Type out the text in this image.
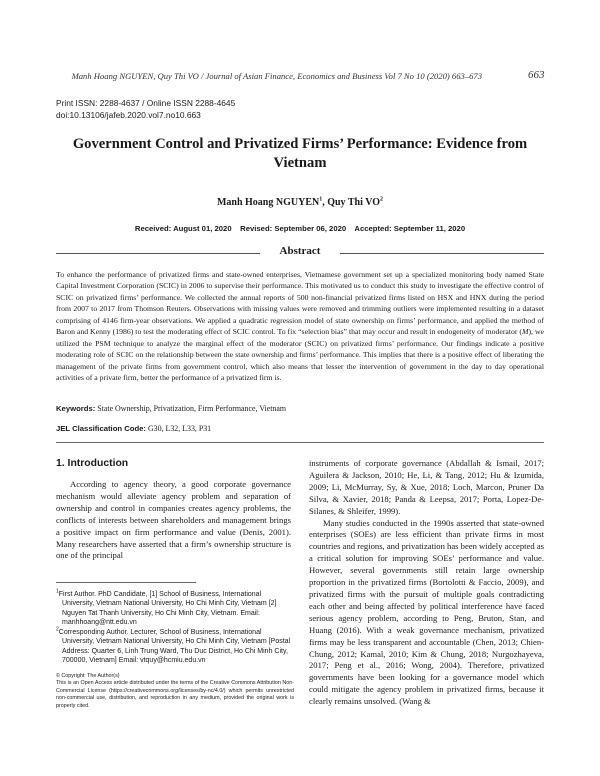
Manh Hoang NGUYEN, Quy Thi VO / Journal of Asian Finance, Economics and Business Vol 7 No 10 (2020) 663–673	663
Print ISSN: 2288-4637 / Online ISSN 2288-4645
doi:10.13106/jafeb.2020.vol7.no10.663
Government Control and Privatized Firms’ Performance: Evidence from Vietnam
Manh Hoang NGUYEN$^1$, Quy Thi $VO^2$
Received: August 01, 2020 Revised: September 06, 2020 Accepted: September 11, 2020
Abstract
To enhance the performance of privatized firms and state-owned enterprises, Vietnamese government set up a specialized monitoring body named State Capital Investment Corporation (SCIC) in 2006 to supervise their performance. This motivated us to conduct this study to investigate the effective control of SCIC on privatized firms’ performance. We collected the annual reports of 500 non-financial privatized firms listed on HSX and HNX during the period from 2007 to 2017 from Thomson Reuters. Observations with missing values were removed and trimming outliers were implemented resulting in a dataset comprising of 4146 firm-year observations. We applied a quadratic regression model of state ownership on firms’ performance, and applied the method of Baron and Kenny (1986) to test the moderating effect of SCIC control. To fix “selection bias” that may occur and result in endogeneity of moderator (M), we utilized the PSM technique to analyze the marginal effect of the moderator (SCIC) on privatized firms’ performance. Our findings indicate a positive moderating role of SCIC on the relationship between the state ownership and firms’ performance. This implies that there is a positive effect of liberating the management of the private firms from government control, which also means that lesser the intervention of government in the day to day operational activities of a private firm, better the performance of a privatized firm is.
Keywords: State Ownership, Privatization, Firm Performance, Vietnam
JEL Classification Code: G30, L32, L33, P31
1. Introduction
According to agency theory, a good corporate governance mechanism would alleviate agency problem and separation of ownership and control in companies creates agency problems, the conflicts of interests between shareholders and management brings a positive impact on firm performance and value (Denis, 2001). Many researchers have asserted that a firm’s ownership structure is one of the principal
$^1$First Author. PhD Candidate, [1] School of Business, International University, Vietnam National University, Ho Chi Minh City, Vietnam [2] Nguyen Tat Thanh University, Ho Chi Minh City, Vietnam. Email: manhhoang@ntt.edu.vn
$^2$Corresponding Author. Lecturer, School of Business, International University, Vietnam National University, Ho Chi Minh City, Vietnam [Postal Address: Quarter 6, Linh Trung Ward, Thu Duc District, Ho Chi Minh City, 700000, Vietnam] Email: vtquy@hcmiu.edu.vn
© Copyright: The Author(s)
This is an Open Access article distributed under the terms of the Creative Commons Attribution Non-Commercial License (https://creativecommons.org/licenses/by-nc/4.0/) which permits unrestricted non-commercial use, distribution, and reproduction in any medium, provided the original work is properly cited.
instruments of corporate governance (Abdallah & Ismail, 2017; Aguilera & Jackson, 2010; He, Li, & Tang, 2012; Hu & Izumida, 2009; Li, McMurray, Sy, & Xue, 2018; Loch, Marcon, Pruner Da Silva, & Xavier, 2018; Panda & Leepsa, 2017; Porta, Lopez-De-Silanes, & Shleifer, 1999).
Many studies conducted in the 1990s asserted that state-owned enterprises (SOEs) are less efficient than private firms in most countries and regions, and privatization has been widely accepted as a critical solution for improving SOEs’ performance and value. However, several governments still retain large ownership proportion in the privatized firms (Bortolotti & Faccio, 2009), and privatized firms with the pursuit of multiple goals contradicting each other and being affected by political interference have faced serious agency problem, according to Peng, Bruton, Stan, and Huang (2016). With a weak governance mechanism, privatized firms may be less transparent and accountable (Chen, 2013; Chien-Chung, 2012; Kamal, 2010; Kim & Chung, 2018; Nurgozhayeva, 2017; Peng et al., 2016; Wong, 2004). Therefore, privatized governments have been looking for a governance model which could mitigate the agency problem in privatized firms, because it clearly remains unsolved. (Wang &
